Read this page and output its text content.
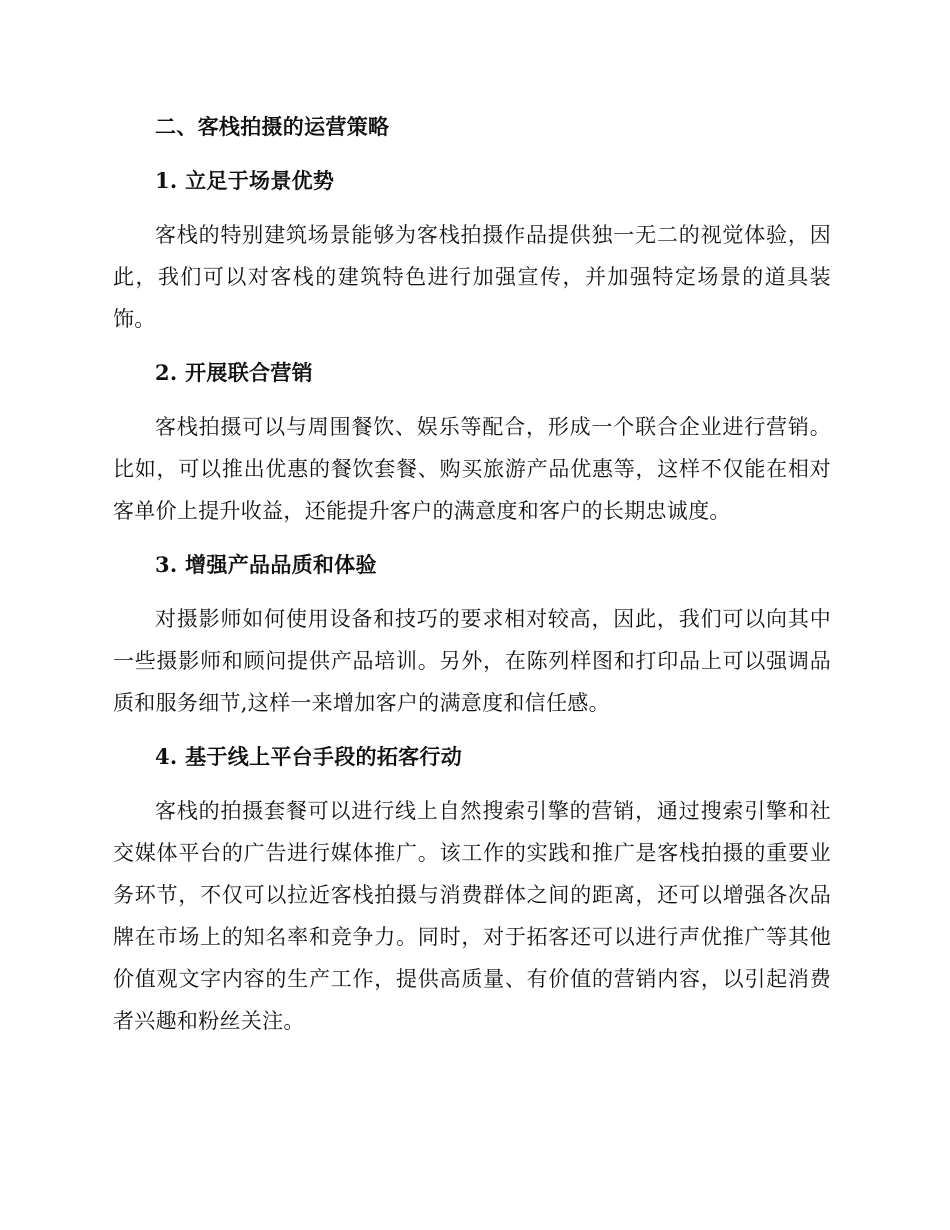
二、客栈拍摄的运营策略
1. 立足于场景优势

客栈的特别建筑场景能够为客栈拍摄作品提供独一无二的视觉体验，因此，我们可以对客栈的建筑特色进行加强宣传，并加强特定场景的道具装饰。

2. 开展联合营销

客栈拍摄可以与周围餐饮、娱乐等配合，形成一个联合企业进行营销。比如，可以推出优惠的餐饮套餐、购买旅游产品优惠等，这样不仅能在相对客单价上提升收益，还能提升客户的满意度和客户的长期忠诚度。

3. 增强产品品质和体验

对摄影师如何使用设备和技巧的要求相对较高，因此，我们可以向其中一些摄影师和顾问提供产品培训。另外，在陈列样图和打印品上可以强调品质和服务细节,这样一来增加客户的满意度和信任感。

4. 基于线上平台手段的拓客行动

客栈的拍摄套餐可以进行线上自然搜索引擎的营销，通过搜索引擎和社交媒体平台的广告进行媒体推广。该工作的实践和推广是客栈拍摄的重要业务环节，不仅可以拉近客栈拍摄与消费群体之间的距离，还可以增强各次品牌在市场上的知名率和竞争力。同时，对于拓客还可以进行声优推广等其他价值观文字内容的生产工作，提供高质量、有价值的营销内容，以引起消费者兴趣和粉丝关注。
